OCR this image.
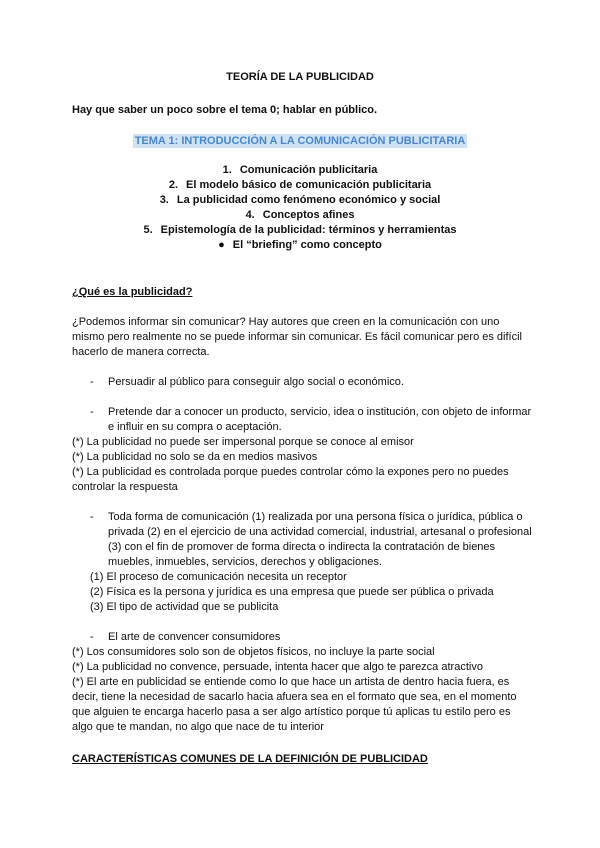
TEORÍA DE LA PUBLICIDAD
Hay que saber un poco sobre el tema 0; hablar en público.
TEMA 1: INTRODUCCIÓN A LA COMUNICACIÓN PUBLICITARIA
1. Comunicación publicitaria
2. El modelo básico de comunicación publicitaria
3. La publicidad como fenómeno económico y social
4. Conceptos afines
5. Epistemología de la publicidad: términos y herramientas
● El “briefing” como concepto
¿Qué es la publicidad?
¿Podemos informar sin comunicar? Hay autores que creen en la comunicación con uno mismo pero realmente no se puede informar sin comunicar. Es fácil comunicar pero es difícil hacerlo de manera correcta.
- Persuadir al público para conseguir algo social o económico.
- Pretende dar a conocer un producto, servicio, idea o institución, con objeto de informar e influir en su compra o aceptación.
(*) La publicidad no puede ser impersonal porque se conoce al emisor
(*) La publicidad no solo se da en medios masivos
(*) La publicidad es controlada porque puedes controlar cómo la expones pero no puedes controlar la respuesta
- Toda forma de comunicación (1) realizada por una persona física o jurídica, pública o privada (2) en el ejercicio de una actividad comercial, industrial, artesanal o profesional (3) con el fin de promover de forma directa o indirecta la contratación de bienes muebles, inmuebles, servicios, derechos y obligaciones.
(1) El proceso de comunicación necesita un receptor
(2) Física es la persona y jurídica es una empresa que puede ser pública o privada
(3) El tipo de actividad que se publicita
- El arte de convencer consumidores
(*) Los consumidores solo son de objetos físicos, no incluye la parte social
(*) La publicidad no convence, persuade, intenta hacer que algo te parezca atractivo
(*) El arte en publicidad se entiende como lo que hace un artista de dentro hacia fuera, es decir, tiene la necesidad de sacarlo hacia afuera sea en el formato que sea, en el momento que alguien te encarga hacerlo pasa a ser algo artístico porque tú aplicas tu estilo pero es algo que te mandan, no algo que nace de tu interior
CARACTERÍSTICAS COMUNES DE LA DEFINICIÓN DE PUBLICIDAD
